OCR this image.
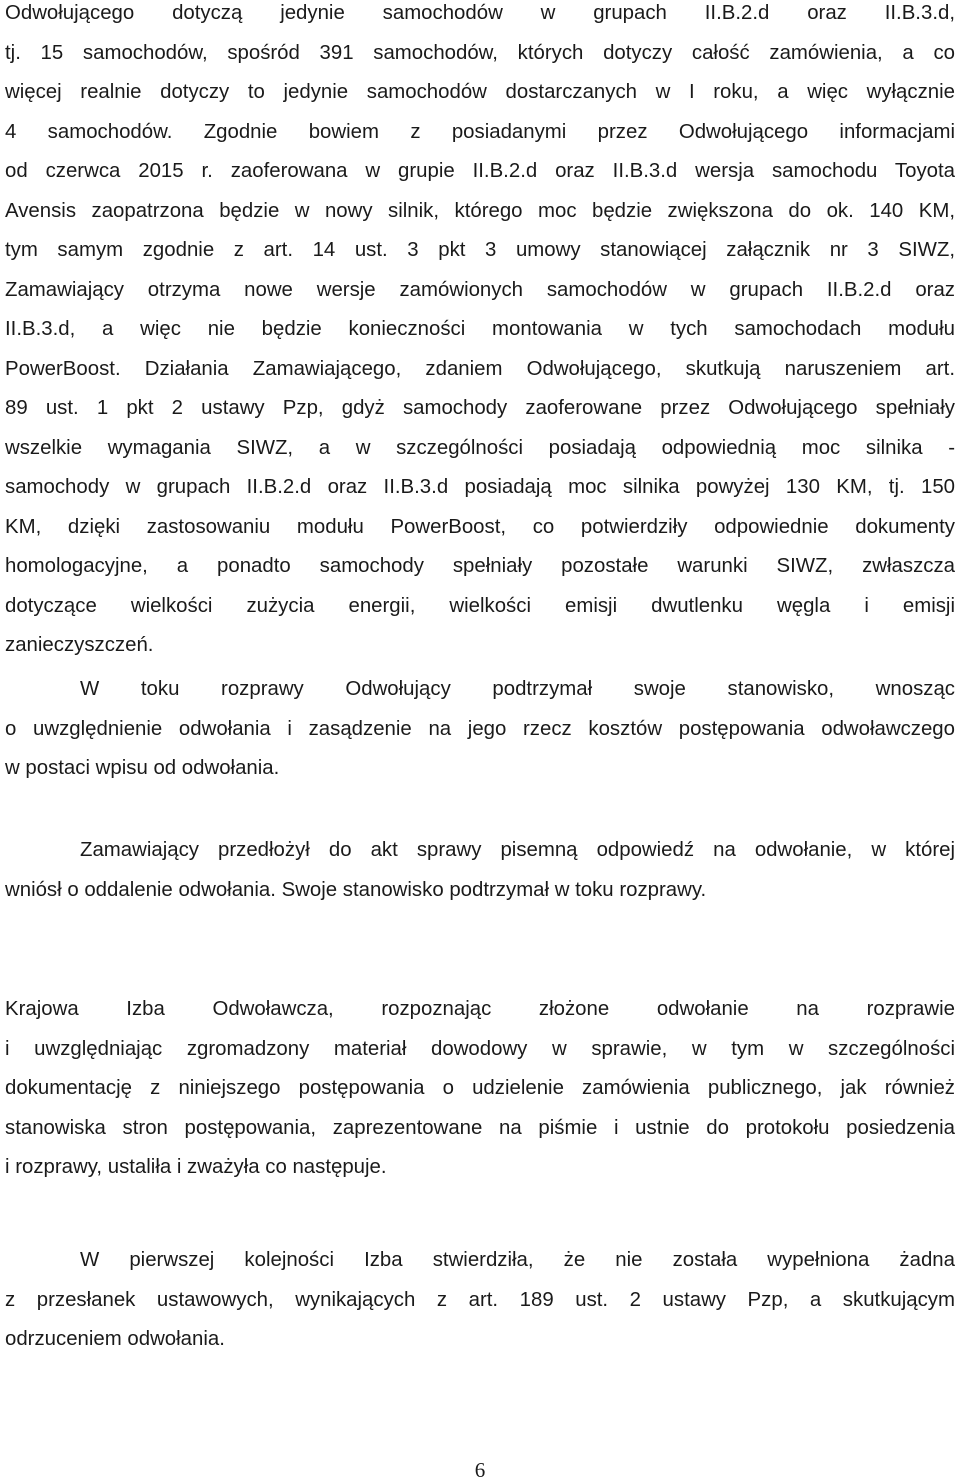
Odwołującego dotyczą jedynie samochodów w grupach II.B.2.d oraz II.B.3.d,
tj. 15 samochodów, spośród 391 samochodów, których dotyczy całość zamówienia, a co
więcej realnie dotyczy to jedynie samochodów dostarczanych w I roku, a więc wyłącznie
4 samochodów. Zgodnie bowiem z posiadanymi przez Odwołującego informacjami
od czerwca 2015 r. zaoferowana w grupie II.B.2.d oraz II.B.3.d wersja samochodu Toyota
Avensis zaopatrzona będzie w nowy silnik, którego moc będzie zwiększona do ok. 140 KM,
tym samym zgodnie z art. 14 ust. 3 pkt 3 umowy stanowiącej załącznik nr 3 SIWZ,
Zamawiający otrzyma nowe wersje zamówionych samochodów w grupach II.B.2.d oraz
II.B.3.d, a więc nie będzie konieczności montowania w tych samochodach modułu
PowerBoost. Działania Zamawiającego, zdaniem Odwołującego, skutkują naruszeniem art.
89 ust. 1 pkt 2 ustawy Pzp, gdyż samochody zaoferowane przez Odwołującego spełniały
wszelkie wymagania SIWZ, a w szczególności posiadają odpowiednią moc silnika -
samochody w grupach II.B.2.d oraz II.B.3.d posiadają moc silnika powyżej 130 KM, tj. 150
KM, dzięki zastosowaniu modułu PowerBoost, co potwierdziły odpowiednie dokumenty
homologacyjne, a ponadto samochody spełniały pozostałe warunki SIWZ, zwłaszcza
dotyczące wielkości zużycia energii, wielkości emisji dwutlenku węgla i emisji
zanieczyszczeń.
W toku rozprawy Odwołujący podtrzymał swoje stanowisko, wnosząc
o uwzględnienie odwołania i zasądzenie na jego rzecz kosztów postępowania odwoławczego
w postaci wpisu od odwołania.
Zamawiający przedłożył do akt sprawy pisemną odpowiedź na odwołanie, w której
wniósł o oddalenie odwołania. Swoje stanowisko podtrzymał w toku rozprawy.
Krajowa Izba Odwoławcza, rozpoznając złożone odwołanie na rozprawie
i uwzględniając zgromadzony materiał dowodowy w sprawie, w tym w szczególności
dokumentację z niniejszego postępowania o udzielenie zamówienia publicznego, jak również
stanowiska stron postępowania, zaprezentowane na piśmie i ustnie do protokołu posiedzenia
i rozprawy, ustaliła i zważyła co następuje.
W pierwszej kolejności Izba stwierdziła, że nie została wypełniona żadna
z przesłanek ustawowych, wynikających z art. 189 ust. 2 ustawy Pzp, a skutkującym
odrzuceniem odwołania.
6
